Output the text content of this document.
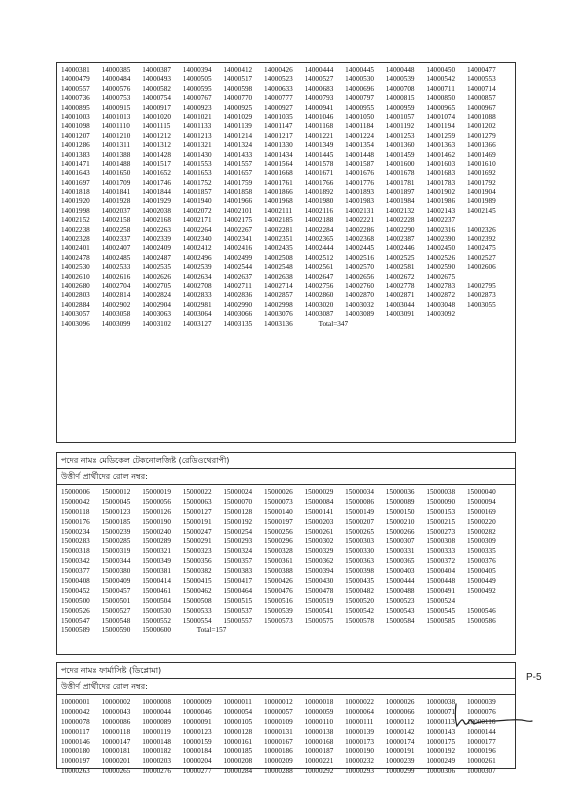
14000381	14000385	14000387	14000394	14000412	14000426	14000444	14000445	14000448	14000450	14000477
14000479	14000484	14000493	14000505	14000517	14000523	14000527	14000530	14000539	14000542	14000553
14000557	14000576	14000582	14000595	14000598	14000633	14000683	14000696	14000708	14000711	14000714
14000736	14000753	14000754	14000767	14000770	14000777	14000793	14000797	14000815	14000850	14000857
14000895	14000915	14000917	14000923	14000925	14000927	14000941	14000955	14000959	14000965	14000967
14001003	14001013	14001020	14001021	14001029	14001035	14001046	14001050	14001057	14001074	14001088
14001098	14001110	14001115	14001133	14001139	14001147	14001168	14001184	14001192	14001194	14001202
14001207	14001210	14001212	14001213	14001214	14001217	14001221	14001224	14001253	14001259	14001279
14001286	14001311	14001312	14001321	14001324	14001330	14001349	14001354	14001360	14001363	14001366
14001383	14001388	14001428	14001430	14001433	14001434	14001445	14001448	14001459	14001462	14001469
14001471	14001488	14001517	14001553	14001557	14001564	14001578	14001587	14001600	14001603	14001610
14001643	14001650	14001652	14001653	14001657	14001668	14001671	14001676	14001678	14001683	14001692
14001697	14001709	14001746	14001752	14001759	14001761	14001766	14001776	14001781	14001783	14001792
14001818	14001841	14001844	14001857	14001858	14001866	14001892	14001893	14001897	14001902	14001904
14001920	14001928	14001929	14001940	14001966	14001968	14001980	14001983	14001984	14001986	14001989
14001998	14002037	14002038	14002072	14002101	14002111	14002116	14002131	14002132	14002143	14002145
14002152	14002158	14002168	14002171	14002175	14002185	14002188	14002221	14002228	14002237
14002238	14002258	14002263	14002264	14002267	14002281	14002284	14002286	14002290	14002316	14002326
14002328	14002337	14002339	14002340	14002341	14002351	14002365	14002368	14002387	14002390	14002392
14002401	14002407	14002409	14002412	14002416	14002435	14002444	14002445	14002446	14002450	14002475
14002478	14002485	14002487	14002496	14002499	14002508	14002512	14002516	14002525	14002526	14002527
14002530	14002533	14002535	14002539	14002544	14002548	14002561	14002570	14002581	14002590	14002606
14002610	14002616	14002626	14002634	14002637	14002638	14002647	14002656	14002672	14002675
14002680	14002704	14002705	14002708	14002711	14002714	14002756	14002760	14002778	14002783	14002795
14002803	14002814	14002824	14002833	14002836	14002857	14002860	14002870	14002871	14002872	14002873
14002884	14002902	14002904	14002981	14002990	14002998	14003020	14003032	14003044	14003048	14003055
14003057	14003058	14003063	14003064	14003066	14003076	14003087	14003089	14003091	14003092
14003096	14003099	14003102	14003127	14003135	14003136	Total=347
পদের নামঃ মেডিকেল টেকনোলজিষ্ট (রেডিওথেরাপী)
উত্তীর্ণ প্রার্থীদের রোল নম্বর:
15000006	15000012	15000019	15000022	15000024	15000026	15000029	15000034	15000036	15000038	15000040
15000042	15000045	15000056	15000063	15000070	15000073	15000084	15000086	15000089	15000090	15000094
15000118	15000123	15000126	15000127	15000128	15000140	15000141	15000149	15000150	15000153	15000169
15000176	15000185	15000190	15000191	15000192	15000197	15000203	15000207	15000210	15000215	15000220
15000234	15000239	15000240	15000247	15000254	15000256	15000261	15000265	15000266	15000273	15000282
15000283	15000285	15000289	15000291	15000293	15000296	15000302	15000303	15000307	15000308	15000309
15000318	15000319	15000321	15000323	15000324	15000328	15000329	15000330	15000331	15000333	15000335
15000342	15000344	15000349	15000356	15000357	15000361	15000362	15000363	15000365	15000372	15000376
15000377	15000380	15000381	15000382	15000383	15000388	15000394	15000398	15000403	15000404	15000405
15000408	15000409	15000414	15000415	15000417	15000426	15000430	15000435	15000444	15000448	15000449
15000452	15000457	15000461	15000462	15000464	15000476	15000478	15000482	15000488	15000491	15000492
15000500	15000501	15000504	15000508	15000515	15000516	15000519	15000520	15000523	15000524
15000526	15000527	15000530	15000533	15000537	15000539	15000541	15000542	15000543	15000545	15000546
15000547	15000548	15000552	15000554	15000557	15000573	15000575	15000578	15000584	15000585	15000586
15000589	15000590	15000600	Total=157
পদের নামঃ ফার্মাসিষ্ট (ডিপ্লোমা)
উত্তীর্ণ প্রার্থীদের রোল নম্বর:
10000001	10000002	10000008	10000009	10000011	10000012	10000018	10000022	10000026	10000038	10000039
10000042	10000043	10000044	10000046	10000054	10000057	10000059	10000064	10000066	10000071	10000076
10000078	10000086	10000089	10000091	10000105	10000109	10000110	10000111	10000112	10000113	10000116
10000117	10000118	10000119	10000123	10000128	10000131	10000138	10000139	10000142	10000143	10000144
10000146	10000147	10000148	10000159	10000161	10000167	10000168	10000173	10000174	10000175	10000177
10000180	10000181	10000182	10000184	10000185	10000186	10000187	10000190	10000191	10000192	10000196
10000197	10000201	10000203	10000204	10000208	10000209	10000221	10000232	10000239	10000249	10000261
10000263	10000265	10000276	10000277	10000284	10000288	10000292	10000293	10000299	10000306	10000307
P-5
